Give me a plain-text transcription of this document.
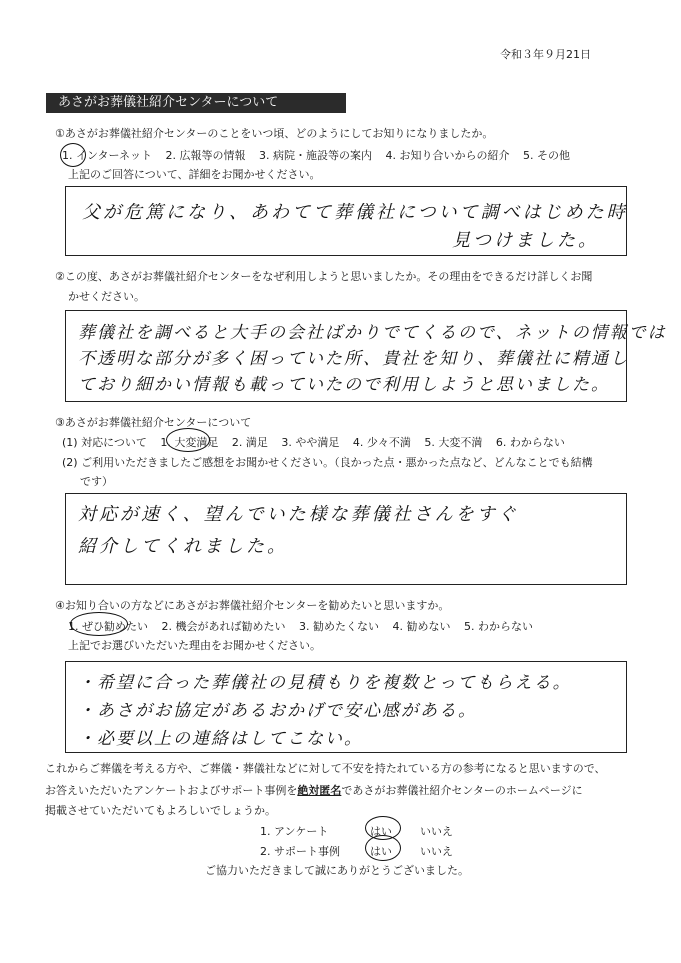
令和３年９月21日
あさがお葬儀社紹介センターについて
①あさがお葬儀社紹介センターのことをいつ頃、どのようにしてお知りになりましたか。
1. インターネット 2. 広報等の情報 3. 病院・施設等の案内 4. お知り合いからの紹介 5. その他
上記のご回答について、詳細をお聞かせください。
父が危篤になり、あわてて葬儀社について調べはじめた時
見つけました。
②この度、あさがお葬儀社紹介センターをなぜ利用しようと思いましたか。その理由をできるだけ詳しくお聞
かせください。
葬儀社を調べると大手の会社ばかりでてくるので、ネットの情報では
不透明な部分が多く困っていた所、貴社を知り、葬儀社に精通し
ており細かい情報も載っていたので利用しようと思いました。
③あさがお葬儀社紹介センターについて
(1) 対応について 1. 大変満足 2. 満足 3. やや満足 4. 少々不満 5. 大変不満 6. わからない
(2) ご利用いただきましたご感想をお聞かせください。（良かった点・悪かった点など、どんなことでも結構
です）
対応が速く、望んでいた様な葬儀社さんをすぐ
紹介してくれました。
④お知り合いの方などにあさがお葬儀社紹介センターを勧めたいと思いますか。
1. ぜひ勧めたい 2. 機会があれば勧めたい 3. 勧めたくない 4. 勧めない 5. わからない
上記でお選びいただいた理由をお聞かせください。
・希望に合った葬儀社の見積もりを複数とってもらえる。
・あさがお協定があるおかげで安心感がある。
・必要以上の連絡はしてこない。
これからご葬儀を考える方や、ご葬儀・葬儀社などに対して不安を持たれている方の参考になると思いますので、
お答えいただいたアンケートおよびサポート事例を絶対匿名であさがお葬儀社紹介センターのホームページに
掲載させていただいてもよろしいでしょうか。
1. アンケート	はい	いいえ
2. サポート事例	はい	いいえ
ご協力いただきまして誠にありがとうございました。
